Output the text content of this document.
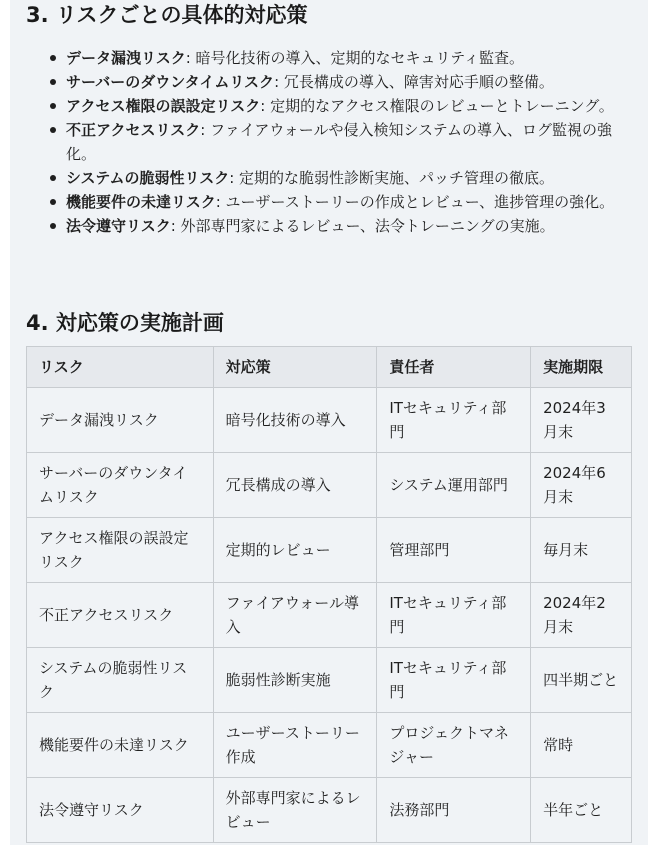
3. リスクごとの具体的対応策
データ漏洩リスク: 暗号化技術の導入、定期的なセキュリティ監査。
サーバーのダウンタイムリスク: 冗長構成の導入、障害対応手順の整備。
アクセス権限の誤設定リスク: 定期的なアクセス権限のレビューとトレーニング。
不正アクセスリスク: ファイアウォールや侵入検知システムの導入、ログ監視の強化。
システムの脆弱性リスク: 定期的な脆弱性診断実施、パッチ管理の徹底。
機能要件の未達リスク: ユーザーストーリーの作成とレビュー、進捗管理の強化。
法令遵守リスク: 外部専門家によるレビュー、法令トレーニングの実施。
4. 対応策の実施計画
リスク	対応策	責任者	実施期限
データ漏洩リスク	暗号化技術の導入	ITセキュリティ部門	2024年3月末
サーバーのダウンタイムリスク	冗長構成の導入	システム運用部門	2024年6月末
アクセス権限の誤設定リスク	定期的レビュー	管理部門	毎月末
不正アクセスリスク	ファイアウォール導入	ITセキュリティ部門	2024年2月末
システムの脆弱性リスク	脆弱性診断実施	ITセキュリティ部門	四半期ごと
機能要件の未達リスク	ユーザーストーリー作成	プロジェクトマネジャー	常時
法令遵守リスク	外部専門家によるレビュー	法務部門	半年ごと
